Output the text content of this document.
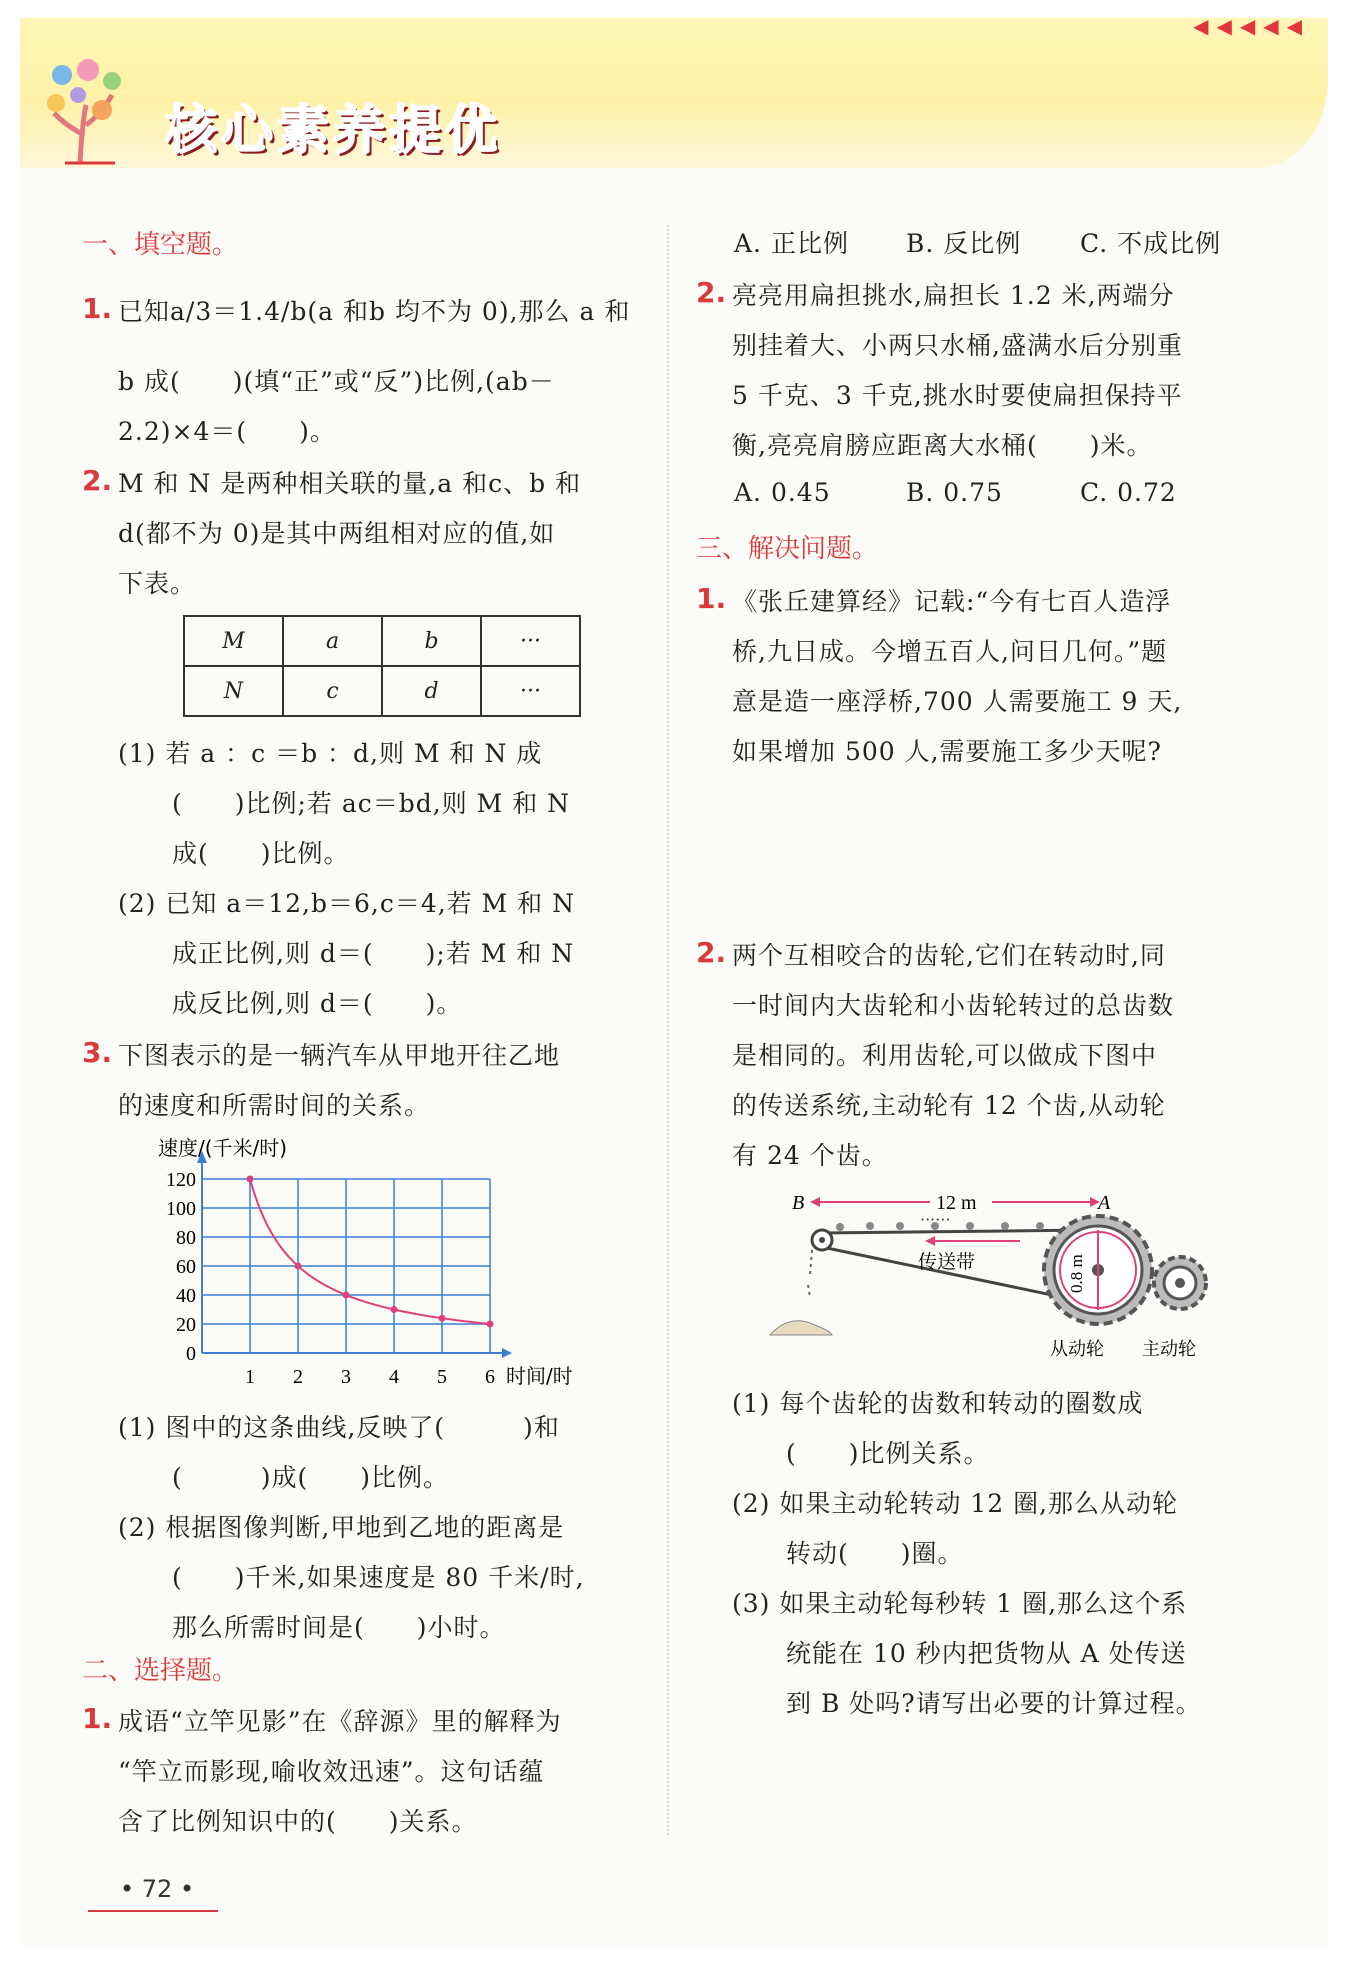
◀◀◀◀◀
核心素养提优
一、填空题。
1. 已知a/3＝1.4/b(a 和b 均不为 0),那么 a 和
b 成(　　)(填“正”或“反”)比例,(ab－
2.2)×4＝(　　)。
2. M 和 N 是两种相关联的量,a 和c、b 和
d(都不为 0)是其中两组相对应的值,如
下表。
M	a	b	···
N	c	d	···
(1) 若 a ：c ＝b ：d,则 M 和 N 成
(　　)比例;若 ac＝bd,则 M 和 N
成(　　)比例。
(2) 已知 a＝12,b＝6,c＝4,若 M 和 N
成正比例,则 d＝(　　);若 M 和 N
成反比例,则 d＝(　　)。
3. 下图表示的是一辆汽车从甲地开往乙地
的速度和所需时间的关系。
0
20
40
60
80
100
120
1 2 3 4 5 6
速度/(千米/时)
时间/时
(1) 图中的这条曲线,反映了(　　　)和
(　　　)成(　　)比例。
(2) 根据图像判断,甲地到乙地的距离是
(　　)千米,如果速度是 80 千米/时,
那么所需时间是(　　)小时。
二、选择题。
1. 成语“立竿见影”在《辞源》里的解释为
“竿立而影现,喻收效迅速”。这句话蕴
含了比例知识中的(　　)关系。
A. 正比例 B. 反比例 C. 不成比例
2. 亮亮用扁担挑水,扁担长 1.2 米,两端分
别挂着大、小两只水桶,盛满水后分别重
5 千克、3 千克,挑水时要使扁担保持平
衡,亮亮肩膀应距离大水桶(　　)米。
A. 0.45	B. 0.75	C. 0.72
三、解决问题。
1. 《张丘建算经》记载:“今有七百人造浮
桥,九日成。今增五百人,问日几何。”题
意是造一座浮桥,700 人需要施工 9 天,
如果增加 500 人,需要施工多少天呢?
2. 两个互相咬合的齿轮,它们在转动时,同
一时间内大齿轮和小齿轮转过的总齿数
是相同的。利用齿轮,可以做成下图中
的传送系统,主动轮有 12 个齿,从动轮
有 24 个齿。
B	12 m	A
······
传送带	0.8 m
从动轮 主动轮
(1) 每个齿轮的齿数和转动的圈数成
(　　)比例关系。
(2) 如果主动轮转动 12 圈,那么从动轮
转动(　　)圈。
(3) 如果主动轮每秒转 1 圈,那么这个系
统能在 10 秒内把货物从 A 处传送
到 B 处吗?请写出必要的计算过程。
• 72 •
